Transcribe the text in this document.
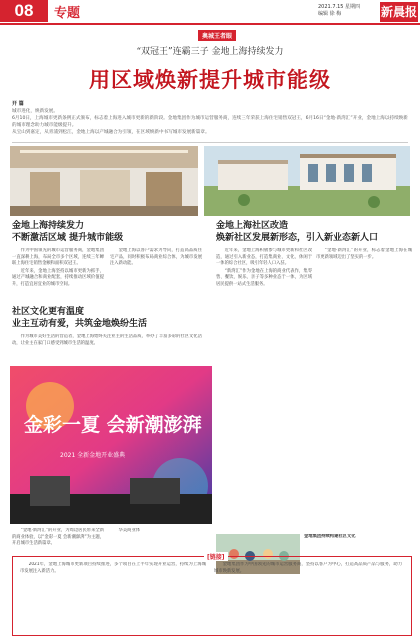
08	专题	2021.7.15 星期四
编辑 徐 梅	新晨报
奥城王者眼
“双冠王”连霸三子 金地上海持续发力
用区域焕新提升城市能级
开 篇

城市进化，焕新发展。

6月10日，上海城市更新条例正式颁布，标志着上海进入城市更新的新阶段。金地集团作为城市运营服务商，连续三年荣获上海住宅销售双冠王，6月16日“金地·新湾汇”开业，金地上海以持续焕新的城市理念助力城市能级提升。

从宝山到嘉定，从青浦到松江，金地上海以产城融合为引领，在区域焕新中书写城市发展新篇章。

金地上海持续发力
不断激活区域 提升城市能级

作为中国领先的城市运营服务商，金地集团一直深耕上海，布局全市多个区域，连续三年蝉联上海住宅销售金额和面积双冠王。

近年来，金地上海坚持以城市更新为抓手，通过产城融合和商业配套，持续推动区域价值提升，打造宜居宜业的城市空间。

金地上海以客户需求为导向，打造高品质住宅产品，同时积极布局商业综合体，为城市发展注入新动能。

社区文化更有温度
业主互动有爱，共筑金地焕纷生活

作为城市美好生活的营造者，金地上海始终关注业主的生活品质，举办了丰富多彩的社区文化活动，让业主在家门口感受到城市生活的温度。

金彩一夏 会新潮澎湃
2021 全新金地开业盛典

“金地·新湾汇”的开业，为周边居民带来全新的商业体验，以“金彩一夏 会新潮澎湃”为主题，开启城市生活新篇章。

华美商业体

金地上海社区改造
焕新社区发展新形态，引入新业态新人口

近年来，金地上海积极参与城市更新和社区改造，通过引入新业态，打造集商业、文化、休闲于一体的综合社区，吸引年轻人口入驻。

“新湾汇”作为金地在上海的商业代表作，集零售、餐饮、娱乐、亲子等多种业态于一体，为区域居民提供一站式生活服务。

“金地·新湾汇”的开业，标志着金地上海在城市更新领域迈出了坚实的一步。

金地集团持续构建社区文化
[链接]

2021年，金地上海城市更新项目持续推进，多个项目在上半年实现开业运营，持续为上海城市发展注入新活力。

金地集团作为中国领先的城市运营服务商，坚持以客户为中心，打造高品质产品与服务，助力城市焕新发展。
